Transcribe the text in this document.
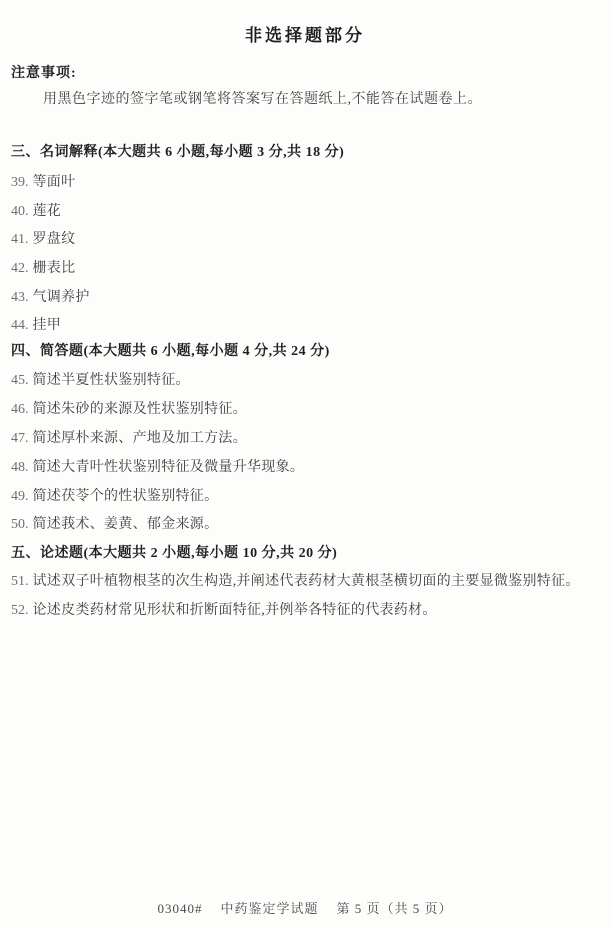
非选择题部分
注意事项:
用黑色字迹的签字笔或钢笔将答案写在答题纸上,不能答在试题卷上。
三、名词解释(本大题共 6 小题,每小题 3 分,共 18 分)
39. 等面叶
40. 莲花
41. 罗盘纹
42. 栅表比
43. 气调养护
44. 挂甲
四、简答题(本大题共 6 小题,每小题 4 分,共 24 分)
45. 简述半夏性状鉴别特征。
46. 简述朱砂的来源及性状鉴别特征。
47. 简述厚朴来源、产地及加工方法。
48. 简述大青叶性状鉴别特征及微量升华现象。
49. 简述茯苓个的性状鉴别特征。
50. 简述莪术、姜黄、郁金来源。
五、论述题(本大题共 2 小题,每小题 10 分,共 20 分)
51. 试述双子叶植物根茎的次生构造,并阐述代表药材大黄根茎横切面的主要显微鉴别特征。
52. 论述皮类药材常见形状和折断面特征,并例举各特征的代表药材。
03040# 中药鉴定学试题 第 5 页（共 5 页）
